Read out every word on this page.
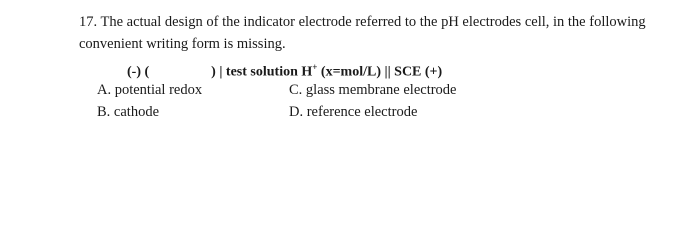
17. The actual design of the indicator electrode referred to the pH electrodes cell, in the following
convenient writing form is missing.
(-) (	) | test solution H+ (x=mol/L) || SCE (+)
A. potential redox	C. glass membrane electrode
B. cathode	D. reference electrode
